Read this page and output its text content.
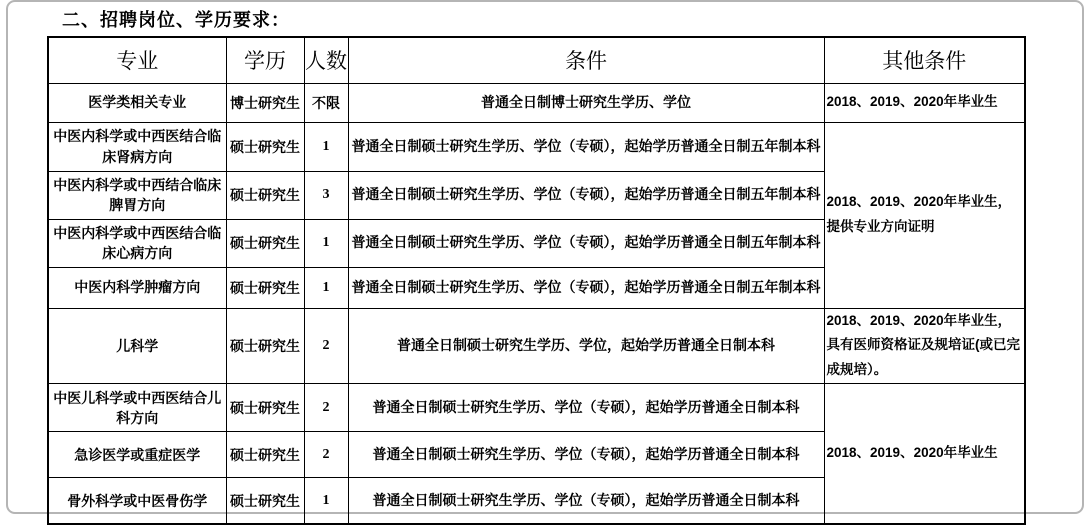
二、招聘岗位、学历要求：
专业	学历	人数	条件	其他条件
医学类相关专业	博士研究生	不限	普通全日制博士研究生学历、学位	2018、2019、2020年毕业生
中医内科学或中西医结合临床肾病方向	硕士研究生	1	普通全日制硕士研究生学历、学位（专硕），起始学历普通全日制五年制本科	2018、2019、2020年毕业生，提供专业方向证明
中医内科学或中西结合临床脾胃方向	硕士研究生	3	普通全日制硕士研究生学历、学位（专硕），起始学历普通全日制五年制本科	
中医内科学或中西医结合临床心病方向	硕士研究生	1	普通全日制硕士研究生学历、学位（专硕），起始学历普通全日制五年制本科	
中医内科学肿瘤方向	硕士研究生	1	普通全日制硕士研究生学历、学位（专硕），起始学历普通全日制五年制本科	
儿科学	硕士研究生	2	普通全日制硕士研究生学历、学位，起始学历普通全日制本科	2018、2019、2020年毕业生， 具有医师资格证及规培证(或已完成规培）。
中医儿科学或中西医结合儿科方向	硕士研究生	2	普通全日制硕士研究生学历、学位（专硕），起始学历普通全日制本科	2018、2019、2020年毕业生
急诊医学或重症医学	硕士研究生	2	普通全日制硕士研究生学历、学位（专硕），起始学历普通全日制本科	
骨外科学或中医骨伤学	硕士研究生	1	普通全日制硕士研究生学历、学位（专硕），起始学历普通全日制本科	
